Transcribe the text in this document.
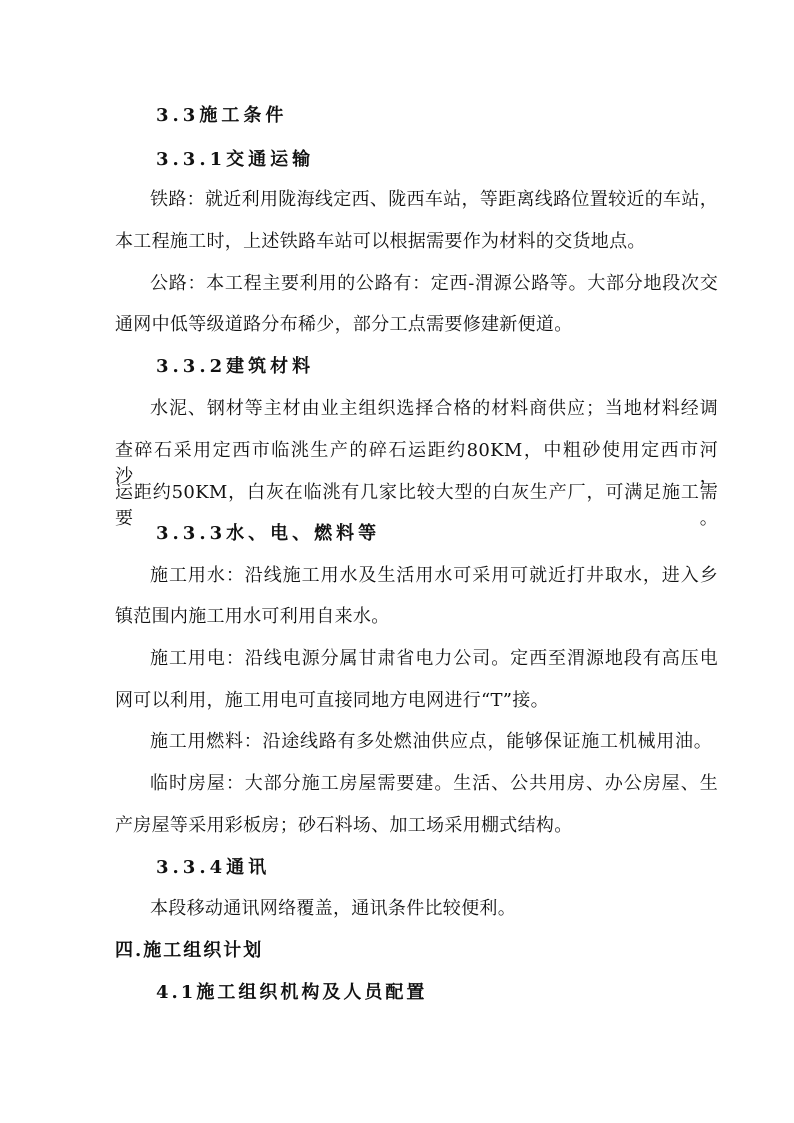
3.3施工条件
3.3.1交通运输
铁路：就近利用陇海线定西、陇西车站，等距离线路位置较近的车站，
本工程施工时，上述铁路车站可以根据需要作为材料的交货地点。
公路：本工程主要利用的公路有：定西-渭源公路等。大部分地段次交
通网中低等级道路分布稀少，部分工点需要修建新便道。
3.3.2建筑材料
水泥、钢材等主材由业主组织选择合格的材料商供应；当地材料经调
查碎石采用定西市临洮生产的碎石运距约80KM，中粗砂使用定西市河沙，
运距约50KM，白灰在临洮有几家比较大型的白灰生产厂，可满足施工需要。
3.3.3水、电、燃料等
施工用水：沿线施工用水及生活用水可采用可就近打井取水，进入乡
镇范围内施工用水可利用自来水。
施工用电：沿线电源分属甘肃省电力公司。定西至渭源地段有高压电
网可以利用，施工用电可直接同地方电网进行“T”接。
施工用燃料：沿途线路有多处燃油供应点，能够保证施工机械用油。
临时房屋：大部分施工房屋需要建。生活、公共用房、办公房屋、生
产房屋等采用彩板房；砂石料场、加工场采用棚式结构。
3.3.4通讯
本段移动通讯网络覆盖，通讯条件比较便利。
四.施工组织计划
4.1施工组织机构及人员配置
